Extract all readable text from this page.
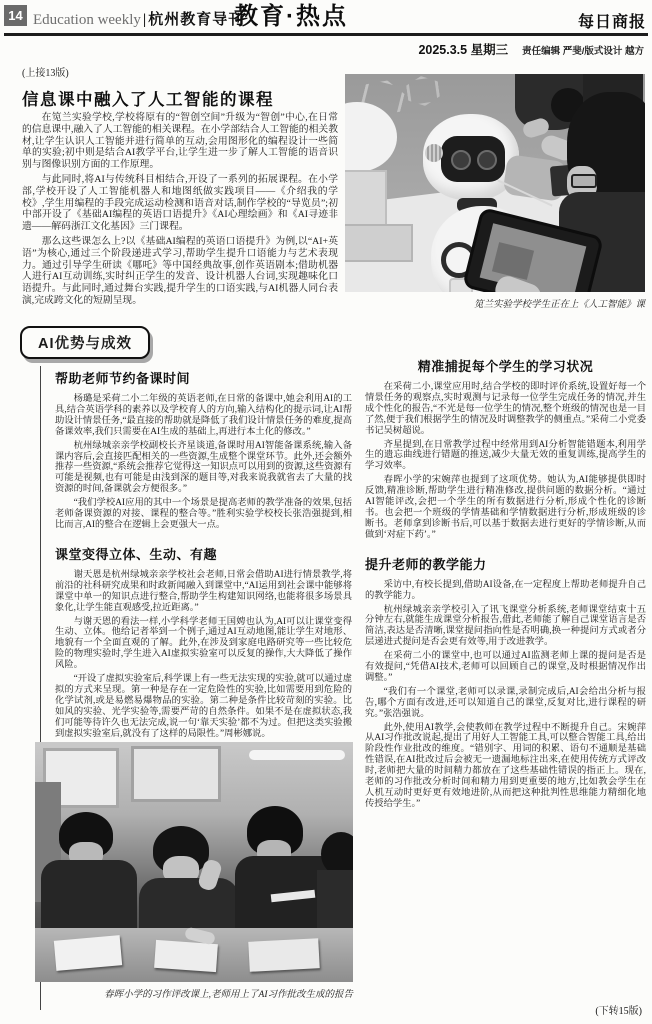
14 Education weekly | 杭州教育导刊
教育·热点	每日商报
2025.3.5 星期三 责任编辑 严斐/版式设计 越方
(上接13版)
信息课中融入了人工智能的课程

在笕兰实验学校,学校将原有的“智创空间”升级为“智创”中心,在日常的信息课中,融入了人工智能的相关课程。在小学部结合人工智能的相关教材,让学生认识人工智能并进行简单的互动,会用图形化的编程设计一些简单的实验;初中则是结合AI教学平台,让学生进一步了解人工智能的语音识别与图像识别方面的工作原理。

与此同时,将AI与传统科目相结合,开设了一系列的拓展课程。在小学部,学校开设了人工智能机器人和地图纸做实践项目——《介绍我的学校》,学生用编程的手段完成运动检测和语音对话,制作学校的“导览员”;初中部开设了《基础AI编程的英语口语提升》《AI心理绘画》和《AI寻迹非遗——解码浙江文化基因》三门课程。

那么这些课怎么上?以《基础AI编程的英语口语提升》为例,以“AI+英语”为核心,通过三个阶段递进式学习,帮助学生提升口语能力与艺术表现力。通过引导学生研读《哪吒》等中国经典故事,创作英语剧本;借助机器人进行AI互动训练,实时纠正学生的发音、设计机器人台词,实现趣味化口语提升。与此同时,通过舞台实践,提升学生的口语实践,与AI机器人同台表演,完成跨文化的短剧呈现。	笕兰实验学校学生正在上《人工智能》课
AI优势与成效
帮助老师节约备课时间

杨璐是采荷二小二年级的英语老师,在日常的备课中,她会利用AI的工具,结合英语学科的素养以及学校育人的方向,输入结构化的提示词,让AI帮助设计情景任务,“最直接的帮助就是降低了我们设计情景任务的难度,提高备课效率,我们只需要在AI生成的基础上,再进行本土化的修改。”

杭州绿城亲亲学校副校长齐星谈道,备课时用AI智能备课系统,输入备课内容后,会直接匹配相关的一些资源,生成整个课堂环节。此外,还会额外推荐一些资源,“系统会推荐它觉得这一知识点可以用到的资源,这些资源有可能是视频,也有可能是由浅到深的题目等,对我来说我就省去了大量的找资源的时间,备课就会方便很多。”

“我们学校AI应用的其中一个场景是提高老师的教学准备的效果,包括老师备课资源的对接、课程的整合等。”胜利实验学校校长张浩强提到,相比而言,AI的整合在逻辑上会更强大一点。

课堂变得立体、生动、有趣

谢天恩是杭州绿城亲亲学校社会老师,日常会借助AI进行情景教学,将前沿的社科研究成果和时政新闻融入到课堂中,“AI运用到社会课中能够将课堂中单一的知识点进行整合,帮助学生构建知识网络,也能将很多场景具象化,让学生能直观感受,拉近距离。”

与谢天恩的看法一样,小学科学老师王国娉也认为,AI可以让课堂变得生动、立体。他给记者举到一个例子,通过AI互动地图,能让学生对地形、地貌有一个全面直观的了解。此外,在涉及到家庭电路研究等一些比较危险的物理实验时,学生进入AI虚拟实验室可以反复的操作,大大降低了操作风险。

“开设了虚拟实验室后,科学课上有一些无法实现的实验,就可以通过虚拟的方式来呈现。第一种是存在一定危险性的实验,比如需要用到危险的化学试剂,或是易燃易爆物品的实验。第二种是条件比较苛刻的实验。比如风的实验、光学实验等,需要严苛的自然条件。如果不是在虚拟状态,我们可能等待许久也无法完成,说一句‘靠天实验’都不为过。但把这类实验搬到虚拟实验室后,就没有了这样的局限性。”周彬娜说。

春晖小学的习作评改课上,老师用上了AI习作批改生成的报告
精准捕捉每个学生的学习状况

在采荷二小,课堂应用时,结合学校的即时评价系统,设置好每一个情景任务的观察点,实时观测与记录每一位学生完成任务的情况,并生成个性化的报告,“不光是每一位学生的情况,整个班级的情况也是一目了然,便于我们根据学生的情况及时调整教学的侧重点。”采荷二小党委书记吴树超说。

齐星提到,在日常教学过程中经常用到AI分析智能错题本,利用学生的遗忘曲线进行错题的推送,减少大量无效的重复训练,提高学生的学习效率。

春晖小学的宋婉萍也提到了这项优势。她认为,AI能够提供即时反馈,精准诊断,帮助学生进行精准修改,提供问题的数据分析。“通过AI智能评改,会把一个学生的所有数据进行分析,形成个性化的诊断书。也会把一个班级的学情基础和学情数据进行分析,形成班级的诊断书。老师拿到诊断书后,可以基于数据去进行更好的学情诊断,从而做到‘对症下药’。”

提升老师的教学能力

采访中,有校长提到,借助AI设备,在一定程度上帮助老师提升自己的教学能力。

杭州绿城亲亲学校引入了讯飞课堂分析系统,老师课堂结束十五分钟左右,就能生成课堂分析报告,借此,老师能了解自己课堂语言是否简洁,表达是否清晰,课堂提问指向性是否明确,换一种提问方式或者分层递进式提问是否会更有效等,用于改进教学。

在采荷二小的课堂中,也可以通过AI监测老师上课的提问是否是有效提问,“凭借AI技术,老师可以回顾自己的课堂,及时根据情况作出调整。”

“我们有一个课堂,老师可以录课,录制完成后,AI会给出分析与报告,哪个方面有改进,还可以知道自己的课堂,反复对比,进行课程的研究。”张浩强说。

此外,使用AI教学,会使教师在教学过程中不断提升自己。宋婉萍从AI习作批改说起,提出了用好人工智能工具,可以整合智能工具,给出阶段性作业批改的维度。“错别字、用词的积累、语句不通顺是基础性错误,在AI批改过后会被无一遗漏地标注出来,在使用传统方式评改时,老师把大量的时间精力都放在了这些基础性错误的指正上。现在,老师的习作批改分析时间和精力用到更重要的地方,比如教会学生在人机互动时更好更有效地进阶,从而把这种批判性思维能力精细化地传授给学生。”

(下转15版)
